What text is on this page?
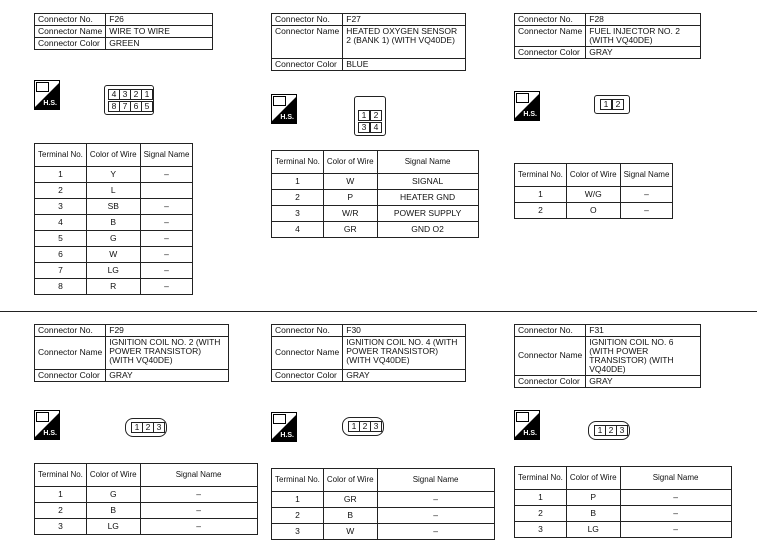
Connector No.	F26
Connector Name	WIRE TO WIRE
Connector Color	GREEN
H.S.
4 3 2 1
8 7 6 5
Terminal No.	Color of Wire	Signal Name
1	Y	–
2	L	
3	SB	–
4	B	–
5	G	–
6	W	–
7	LG	–
8	R	–
Connector No.	F27
Connector Name	HEATED OXYGEN SENSOR 2 (BANK 1) (WITH VQ40DE)
Connector Color	BLUE
H.S.	1 2
3 4
Terminal No.	Color of Wire	Signal Name
1	W	SIGNAL
2	P	HEATER GND
3	W/R	POWER SUPPLY
4	GR	GND O2
Connector No.	F28
Connector Name	FUEL INJECTOR NO. 2 (WITH VQ40DE)
Connector Color	GRAY
H.S.
1 2
Terminal No.	Color of Wire	Signal Name
1	W/G	–
2	O	–
Connector No.	F29
Connector Name	IGNITION COIL NO. 2 (WITH POWER TRANSISTOR) (WITH VQ40DE)
Connector Color	GRAY
H.S.
1 2 3
Terminal No.	Color of Wire	Signal Name
1	G	–
2	B	–
3	LG	–
Connector No.	F30
Connector Name	IGNITION COIL NO. 4 (WITH POWER TRANSISTOR) (WITH VQ40DE)
Connector Color	GRAY
H.S.
1 2 3
Terminal No.	Color of Wire	Signal Name
1	GR	–
2	B	–
3	W	–
Connector No.	F31
Connector Name	IGNITION COIL NO. 6 (WITH POWER TRANSISTOR) (WITH VQ40DE)
Connector Color	GRAY
H.S.	1 2 3
Terminal No.	Color of Wire	Signal Name
1	P	–
2	B	–
3	LG	–
